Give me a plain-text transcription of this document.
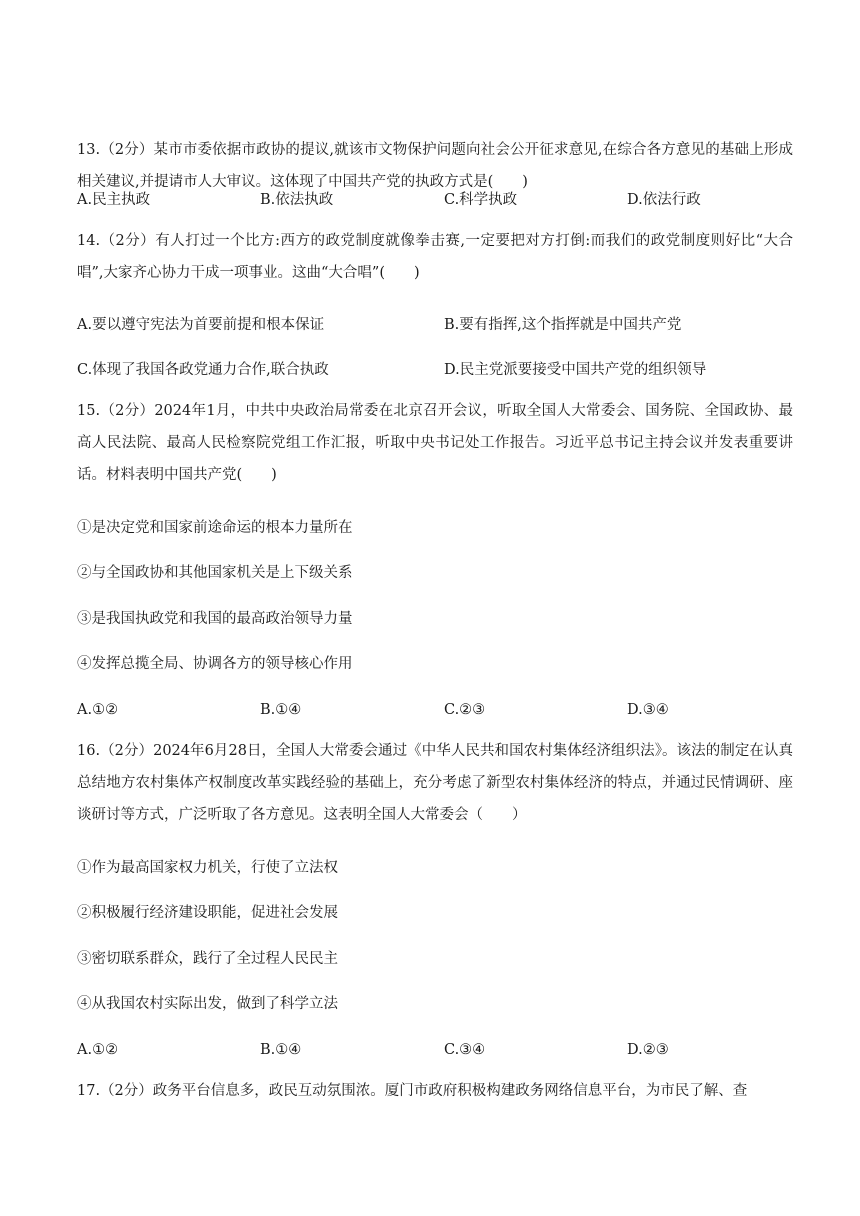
13.（2分）某市市委依据市政协的提议,就该市文物保护问题向社会公开征求意见,在综合各方意见的基础上形成相关建议,并提请市人大审议。这体现了中国共产党的执政方式是(　　)

A.民主执政	B.依法执政	C.科学执政	D.依法行政

14.（2分）有人打过一个比方:西方的政党制度就像拳击赛,一定要把对方打倒:而我们的政党制度则好比“大合唱”,大家齐心协力干成一项事业。这曲“大合唱”(　　)

A.要以遵守宪法为首要前提和根本保证	B.要有指挥,这个指挥就是中国共产党
C.体现了我国各政党通力合作,联合执政	D.民主党派要接受中国共产党的组织领导

15.（2分）2024年1月，中共中央政治局常委在北京召开会议，听取全国人大常委会、国务院、全国政协、最高人民法院、最高人民检察院党组工作汇报，听取中央书记处工作报告。习近平总书记主持会议并发表重要讲话。材料表明中国共产党(　　)

①是决定党和国家前途命运的根本力量所在
②与全国政协和其他国家机关是上下级关系
③是我国执政党和我国的最高政治领导力量
④发挥总揽全局、协调各方的领导核心作用
A.①②	B.①④	C.②③	D.③④

16.（2分）2024年6月28日，全国人大常委会通过《中华人民共和国农村集体经济组织法》。该法的制定在认真总结地方农村集体产权制度改革实践经验的基础上，充分考虑了新型农村集体经济的特点，并通过民情调研、座谈研讨等方式，广泛听取了各方意见。这表明全国人大常委会（　　）

①作为最高国家权力机关，行使了立法权
②积极履行经济建设职能，促进社会发展
③密切联系群众，践行了全过程人民民主
④从我国农村实际出发，做到了科学立法
A.①②	B.①④	C.③④	D.②③

17.（2分）政务平台信息多，政民互动氛围浓。厦门市政府积极构建政务网络信息平台，为市民了解、查
